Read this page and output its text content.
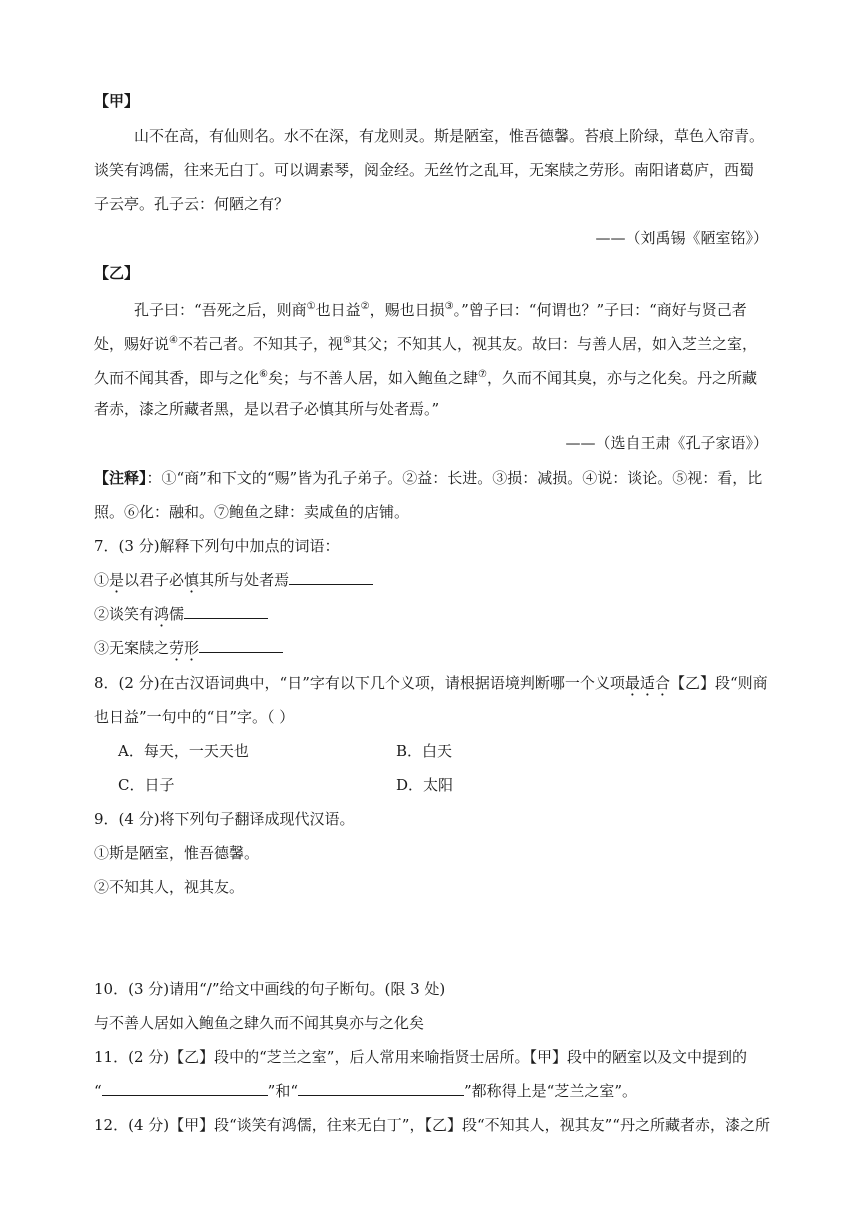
【甲】
山不在高，有仙则名。水不在深，有龙则灵。斯是陋室，惟吾德馨。苔痕上阶绿，草色入帘青。
谈笑有鸿儒，往来无白丁。可以调素琴，阅金经。无丝竹之乱耳，无案牍之劳形。南阳诸葛庐，西蜀
子云亭。孔子云：何陋之有？
——（刘禹锡《陋室铭》）
【乙】
孔子曰：“吾死之后，则商①也日益②，赐也日损③。”曾子曰：“何谓也？”子曰：“商好与贤己者
处，赐好说④不若己者。不知其子，视⑤其父；不知其人，视其友。故曰：与善人居，如入芝兰之室，
久而不闻其香，即与之化⑥矣；与不善人居，如入鲍鱼之肆⑦，久而不闻其臭，亦与之化矣。丹之所藏
者赤，漆之所藏者黑，是以君子必慎其所与处者焉。”
——（选自王肃《孔子家语》）
【注释】：①“商”和下文的“赐”皆为孔子弟子。②益：长进。③损：减损。④说：谈论。⑤视：看，比
照。⑥化：融和。⑦鲍鱼之肆：卖咸鱼的店铺。
7．(3 分)解释下列句中加点的词语：
①是以君子必慎其所与处者焉
②谈笑有鸿儒
③无案牍之劳形
8．(2 分)在古汉语词典中，“日”字有以下几个义项，请根据语境判断哪一个义项最适合【乙】段“则商
也日益”一句中的“日”字。（ ）
A．每天，一天天也	B．白天
C．日子	D．太阳
9．(4 分)将下列句子翻译成现代汉语。
①斯是陋室，惟吾德馨。
②不知其人，视其友。
10．(3 分)请用“/”给文中画线的句子断句。(限 3 处)
与不善人居如入鲍鱼之肆久而不闻其臭亦与之化矣
11．(2 分)【乙】段中的“芝兰之室”，后人常用来喻指贤士居所。【甲】段中的陋室以及文中提到的
“	”和“	”都称得上是“芝兰之室”。
12．(4 分)【甲】段“谈笑有鸿儒，往来无白丁”，【乙】段“不知其人，视其友”“丹之所藏者赤，漆之所
